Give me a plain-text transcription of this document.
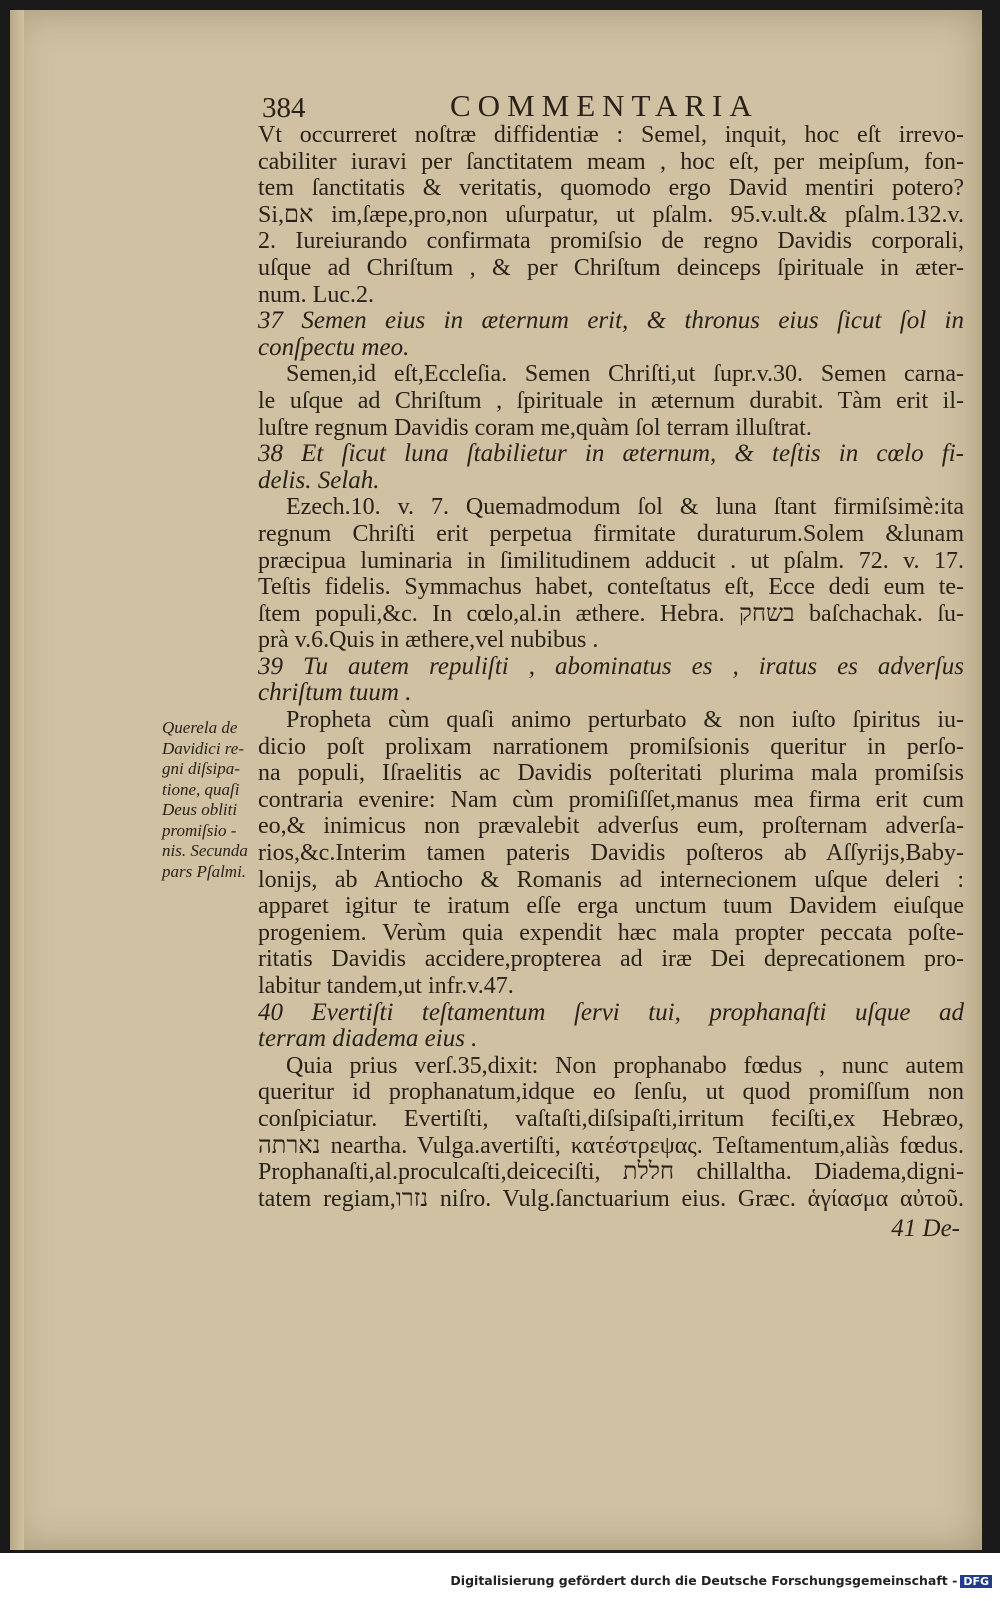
384	COMMENTARIA
Querela de
Davidici re-
gni diſsipa-
tione, quaſi
Deus obliti
promiſsio -
nis. Secunda
pars Pſalmi.
Vt occurreret noſtræ diffidentiæ : Semel, inquit, hoc eſt irrevo-
cabiliter iuravi per ſanctitatem meam , hoc eſt, per meipſum, fon-
tem ſanctitatis & veritatis, quomodo ergo David mentiri potero?
Si,אם im,ſæpe,pro,non uſurpatur, ut pſalm. 95.v.ult.& pſalm.132.v.
2. Iureiurando confirmata promiſsio de regno Davidis corporali,
uſque ad Chriſtum , & per Chriſtum deinceps ſpirituale in æter-
num. Luc.2.
37 Semen eius in æternum erit, & thronus eius ſicut ſol in
conſpectu meo.
Semen,id eſt,Eccleſia. Semen Chriſti,ut ſupr.v.30. Semen carna-
le uſque ad Chriſtum , ſpirituale in æternum durabit. Tàm erit il-
luſtre regnum Davidis coram me,quàm ſol terram illuſtrat.
38 Et ſicut luna ſtabilietur in æternum, & teſtis in cœlo fi-
delis. Selah.
Ezech.10. v. 7. Quemadmodum ſol & luna ſtant firmiſsimè:ita
regnum Chriſti erit perpetua firmitate duraturum.Solem &lunam
præcipua luminaria in ſimilitudinem adducit . ut pſalm. 72. v. 17.
Teſtis fidelis. Symmachus habet, conteſtatus eſt, Ecce dedi eum te-
ſtem populi,&c. In cœlo,al.in æthere. Hebra. בשחק baſchachak. ſu-
prà v.6.Quis in æthere,vel nubibus .
39 Tu autem repuliſti , abominatus es , iratus es adverſus
chriſtum tuum .
Propheta cùm quaſi animo perturbato & non iuſto ſpiritus iu-
dicio poſt prolixam narrationem promiſsionis queritur in perſo-
na populi, Iſraelitis ac Davidis poſteritati plurima mala promiſsis
contraria evenire: Nam cùm promiſiſſet,manus mea firma erit cum
eo,& inimicus non prævalebit adverſus eum, proſternam adverſa-
rios,&c.Interim tamen pateris Davidis poſteros ab Aſſyrijs,Baby-
lonijs, ab Antiocho & Romanis ad internecionem uſque deleri :
apparet igitur te iratum eſſe erga unctum tuum Davidem eiuſque
progeniem. Verùm quia expendit hæc mala propter peccata poſte-
ritatis Davidis accidere,propterea ad iræ Dei deprecationem pro-
labitur tandem,ut infr.v.47.
40 Evertiſti teſtamentum ſervi tui, prophanaſti uſque ad
terram diadema eius .
Quia prius verſ.35,dixit: Non prophanabo fœdus , nunc autem
queritur id prophanatum,idque eo ſenſu, ut quod promiſſum non
conſpiciatur. Evertiſti, vaſtaſti,diſsipaſti,irritum feciſti,ex Hebræo,
נארתה neartha. Vulga.avertiſti, κατέστρεψας. Teſtamentum,aliàs fœdus.
Prophanaſti,al.proculcaſti,deiceciſti, חללת chillaltha. Diadema,digni-
tatem regiam,נזרו niſro. Vulg.ſanctuarium eius. Græc. ἁγίασμα αὐτοῦ.
41 De-
Digitalisierung gefördert durch die Deutsche Forschungsgemeinschaft - DFG
